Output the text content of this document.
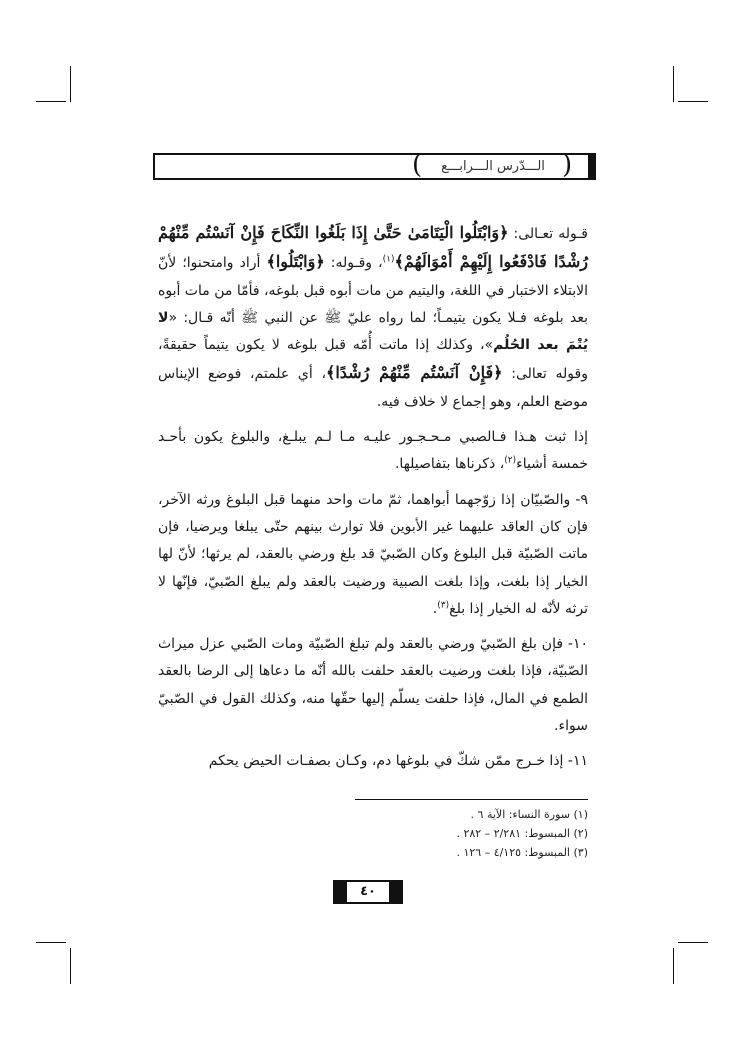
(	)
الـــدّرس الـــرابـــع

قـوله تعـالى: ﴿وَابْتَلُوا الْيَتَامَىٰ حَتَّىٰ إِذَا بَلَغُوا النِّكَاحَ فَإِنْ آنَسْتُم مِّنْهُمْ رُشْدًا فَادْفَعُوا إِلَيْهِمْ أَمْوَالَهُمْ﴾$^{(١)}$، وقـوله: ﴿وَابْتَلُوا﴾ أراد وامتحنوا؛ لأنّ الابتلاء الاختبار في اللغة، واليتيم من مات أبوه قبل بلوغه، فأمّا من مات أبوه بعد بلوغه فـلا يكون يتيمـاً؛ لما رواه عليّ ﷺ عن النبي ﷺ أنّه قـال: «لا يُتْمَ بعد الحُلُم»، وكذلك إذا ماتت أُمّه قبل بلوغه لا يكون يتيماً حقيقةً، وقوله تعالى: ﴿فَإِنْ آنَسْتُم مِّنْهُمْ رُشْدًا﴾، أي علمتم، فوضع الإيناس موضع العلم، وهو إجماع لا خلاف فيه.

إذا ثبت هـذا فـالصبي مـحـجـور عليـه مـا لـم يبلـغ، والبلوغ يكون بأحـد خمسة أشياء$^{(٢)}$، ذكرناها بتفاصيلها.

٩- والصّبيّان إذا زوّجهما أبواهما، ثمّ مات واحد منهما قبل البلوغ ورثه الآخر، فإن كان العاقد عليهما غير الأبوين فلا توارث بينهم حتّى يبلغا ويرضيا، فإن ماتت الصّبيّة قبل البلوغ وكان الصّبيّ قد بلغ ورضي بالعقد، لم يرثها؛ لأنّ لها الخيار إذا بلغت، وإذا بلغت الصبية ورضيت بالعقد ولم يبلغ الصّبيّ، فإنّها لا ترثه لأنّه له الخيار إذا بلغ$^{(٣)}$.

١٠- فإن بلغ الصّبيّ ورضي بالعقد ولم تبلغ الصّبيّة ومات الصّبي عزل ميراث الصّبيّة، فإذا بلغت ورضيت بالعقد حلفت بالله أنّه ما دعاها إلى الرضا بالعقد الطمع في المال، فإذا حلفت يسلّم إليها حقّها منه، وكذلك القول في الصّبيّ سواء.

١١- إذا خـرج ممّن شكّ في بلوغها دم، وكـان بصفـات الحيض يحكم

(١) سورة النساء: الآية ٦ .
(٢) المبسوط: ٢/٢٨١ – ٢٨٢ .
(٣) المبسوط: ٤/١٢٥ – ١٢٦ .
٤٠
